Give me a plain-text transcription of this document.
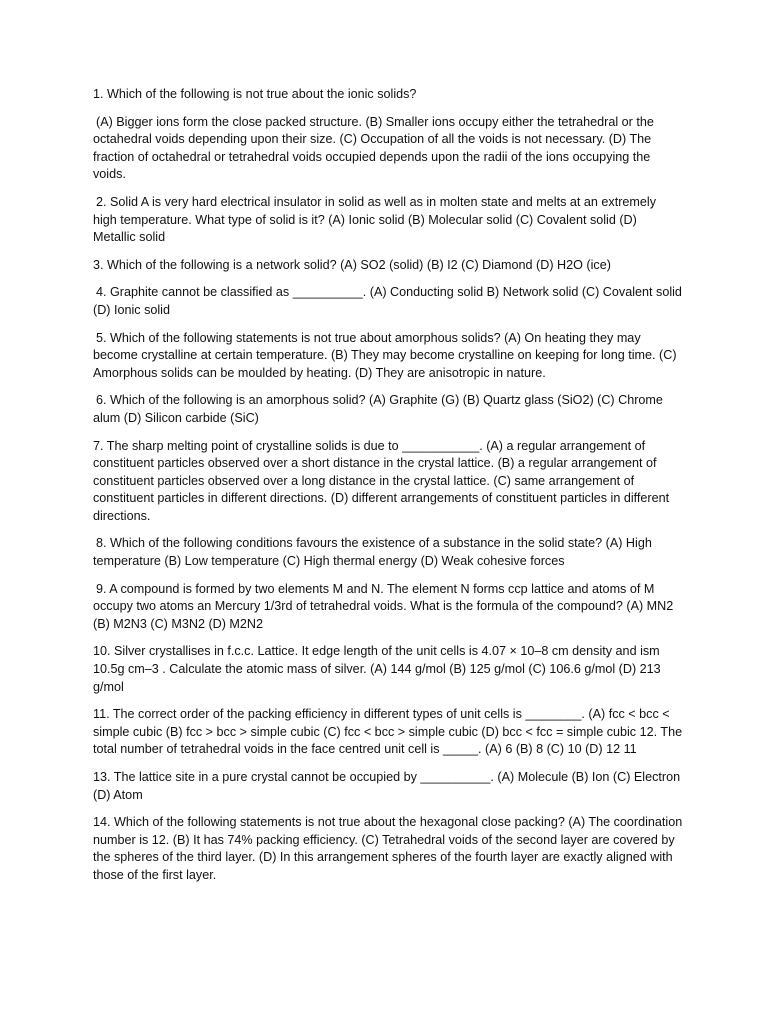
1. Which of the following is not true about the ionic solids?

(A) Bigger ions form the close packed structure. (B) Smaller ions occupy either the tetrahedral or the octahedral voids depending upon their size. (C) Occupation of all the voids is not necessary. (D) The fraction of octahedral or tetrahedral voids occupied depends upon the radii of the ions occupying the voids.

2. Solid A is very hard electrical insulator in solid as well as in molten state and melts at an extremely high temperature. What type of solid is it? (A) Ionic solid (B) Molecular solid (C) Covalent solid (D) Metallic solid

3. Which of the following is a network solid? (A) SO2 (solid) (B) I2 (C) Diamond (D) H2O (ice)

4. Graphite cannot be classified as __________. (A) Conducting solid B) Network solid (C) Covalent solid (D) Ionic solid

5. Which of the following statements is not true about amorphous solids? (A) On heating they may become crystalline at certain temperature. (B) They may become crystalline on keeping for long time. (C) Amorphous solids can be moulded by heating. (D) They are anisotropic in nature.

6. Which of the following is an amorphous solid? (A) Graphite (G) (B) Quartz glass (SiO2) (C) Chrome alum (D) Silicon carbide (SiC)

7. The sharp melting point of crystalline solids is due to ___________. (A) a regular arrangement of constituent particles observed over a short distance in the crystal lattice. (B) a regular arrangement of constituent particles observed over a long distance in the crystal lattice. (C) same arrangement of constituent particles in different directions. (D) different arrangements of constituent particles in different directions.

8. Which of the following conditions favours the existence of a substance in the solid state? (A) High temperature (B) Low temperature (C) High thermal energy (D) Weak cohesive forces

9. A compound is formed by two elements M and N. The element N forms ccp lattice and atoms of M occupy two atoms an Mercury 1/3rd of tetrahedral voids. What is the formula of the compound? (A) MN2 (B) M2N3 (C) M3N2 (D) M2N2

10. Silver crystallises in f.c.c. Lattice. It edge length of the unit cells is 4.07 × 10–8 cm density and ism 10.5g cm–3 . Calculate the atomic mass of silver. (A) 144 g/mol (B) 125 g/mol (C) 106.6 g/mol (D) 213 g/mol

11. The correct order of the packing efficiency in different types of unit cells is ________. (A) fcc < bcc < simple cubic (B) fcc > bcc > simple cubic (C) fcc < bcc > simple cubic (D) bcc < fcc = simple cubic 12. The total number of tetrahedral voids in the face centred unit cell is _____. (A) 6 (B) 8 (C) 10 (D) 12 11

13. The lattice site in a pure crystal cannot be occupied by __________. (A) Molecule (B) Ion (C) Electron (D) Atom

14. Which of the following statements is not true about the hexagonal close packing? (A) The coordination number is 12. (B) It has 74% packing efficiency. (C) Tetrahedral voids of the second layer are covered by the spheres of the third layer. (D) In this arrangement spheres of the fourth layer are exactly aligned with those of the first layer.
